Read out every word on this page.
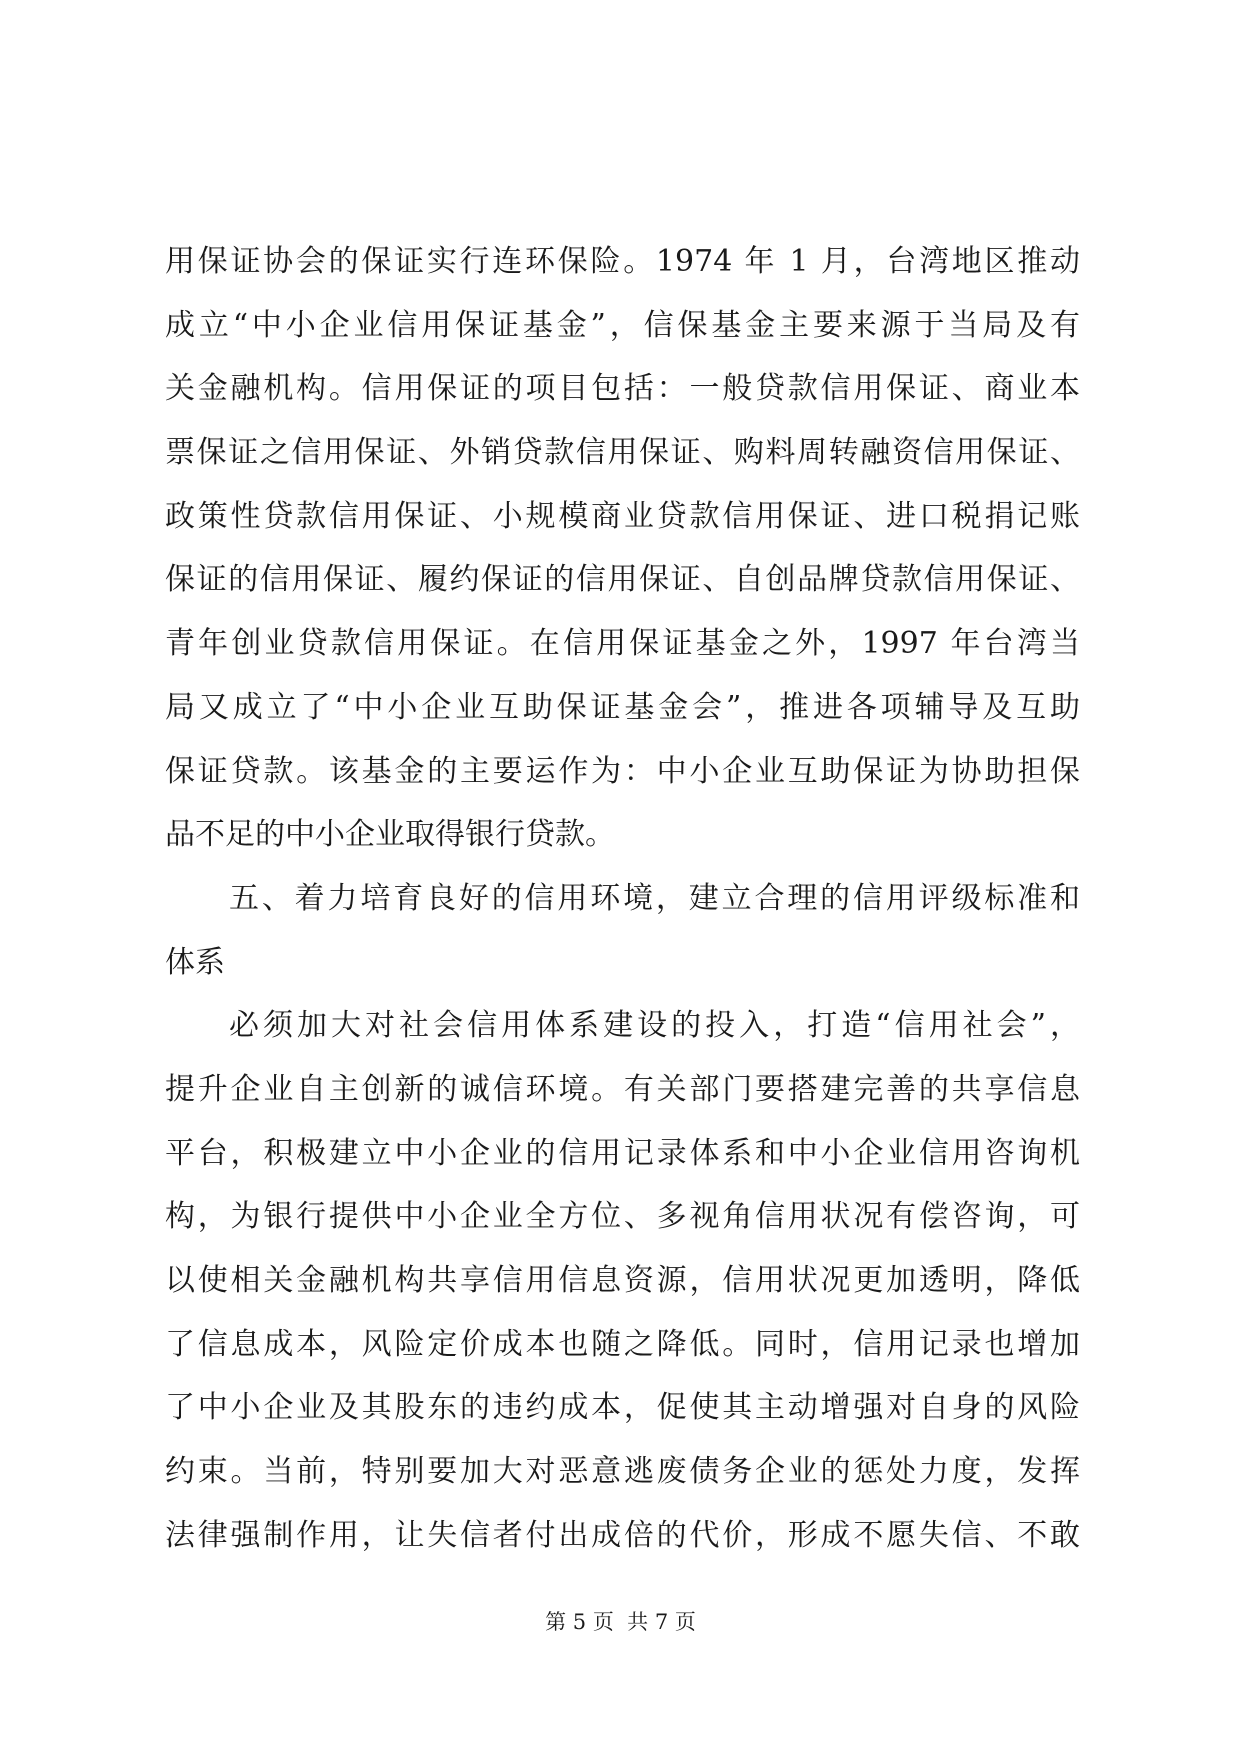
用保证协会的保证实行连环保险。1974 年 1 月，台湾地区推动
成立“中小企业信用保证基金”，信保基金主要来源于当局及有
关金融机构。信用保证的项目包括：一般贷款信用保证、商业本
票保证之信用保证、外销贷款信用保证、购料周转融资信用保证、
政策性贷款信用保证、小规模商业贷款信用保证、进口税捐记账
保证的信用保证、履约保证的信用保证、自创品牌贷款信用保证、
青年创业贷款信用保证。在信用保证基金之外，1997 年台湾当
局又成立了“中小企业互助保证基金会”，推进各项辅导及互助
保证贷款。该基金的主要运作为：中小企业互助保证为协助担保
品不足的中小企业取得银行贷款。
五、着力培育良好的信用环境，建立合理的信用评级标准和
体系
必须加大对社会信用体系建设的投入，打造“信用社会”，
提升企业自主创新的诚信环境。有关部门要搭建完善的共享信息
平台，积极建立中小企业的信用记录体系和中小企业信用咨询机
构，为银行提供中小企业全方位、多视角信用状况有偿咨询，可
以使相关金融机构共享信用信息资源，信用状况更加透明，降低
了信息成本，风险定价成本也随之降低。同时，信用记录也增加
了中小企业及其股东的违约成本，促使其主动增强对自身的风险
约束。当前，特别要加大对恶意逃废债务企业的惩处力度，发挥
法律强制作用，让失信者付出成倍的代价，形成不愿失信、不敢
第 5 页  共 7 页
